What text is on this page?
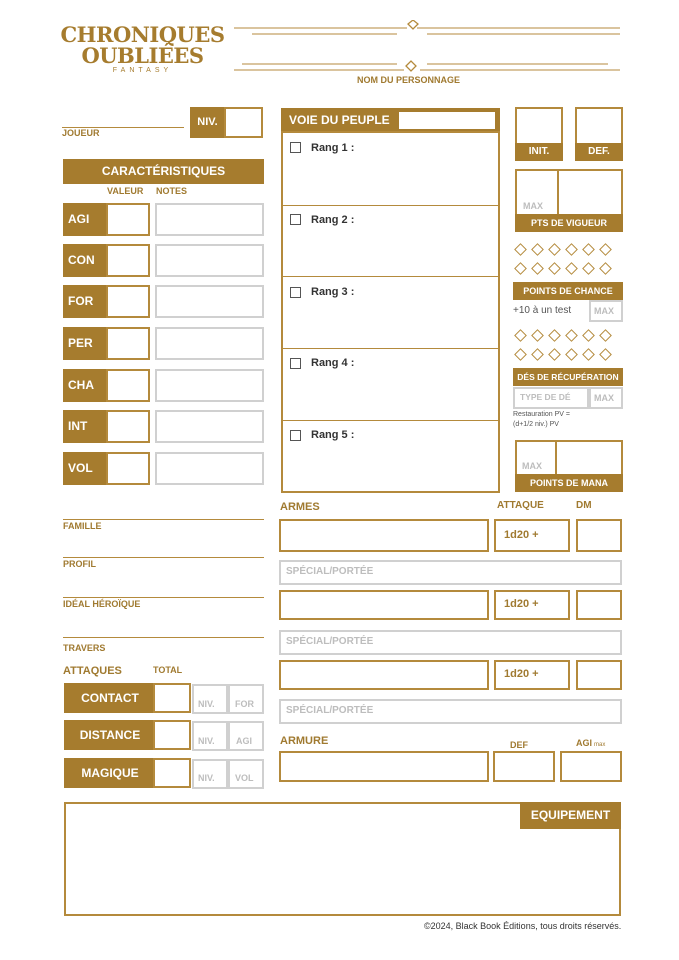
CHRONIQUES
OUBLIÉES
FANTASY
NOM DU PERSONNAGE
JOUEUR
NIV.
CARACTÉRISTIQUES
VALEUR NOTES
AGI
CON
FOR
PER
CHA
INT
VOL
VOIE DU PEUPLE
Rang 1 :
Rang 2 :
Rang 3 :
Rang 4 :
Rang 5 :
INIT.	DEF.
MAX
PTS DE VIGUEUR
POINTS DE CHANCE
+10 à un test	MAX
DÉS DE RÉCUPÉRATION
TYPE DE DÉ	MAX
Restauration PV =
(d+1/2 niv.) PV
MAX
POINTS DE MANA
FAMILLE
PROFIL
IDÉAL HÉROÏQUE
TRAVERS
ATTAQUES	TOTAL
CONTACT	NIV. FOR
DISTANCE	NIV. AGI
MAGIQUE	NIV. VOL
ARMES	ATTAQUE	DM
1d20 +
SPÉCIAL/PORTÉE
1d20 +
SPÉCIAL/PORTÉE
1d20 +
SPÉCIAL/PORTÉE
ARMURE	DEF	AGI max
EQUIPEMENT
©2024, Black Book Éditions, tous droits réservés.
